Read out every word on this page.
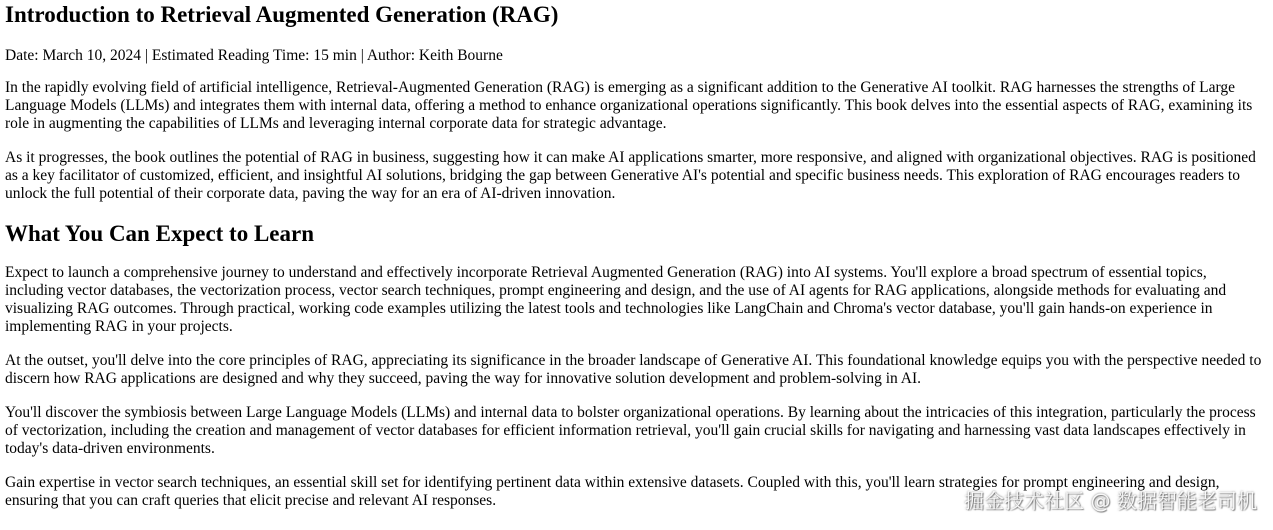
Introduction to Retrieval Augmented Generation (RAG)

Date: March 10, 2024 | Estimated Reading Time: 15 min | Author: Keith Bourne

In the rapidly evolving field of artificial intelligence, Retrieval-Augmented Generation (RAG) is emerging as a significant addition to the Generative AI toolkit. RAG harnesses the strengths of Large Language Models (LLMs) and integrates them with internal data, offering a method to enhance organizational operations significantly. This book delves into the essential aspects of RAG, examining its role in augmenting the capabilities of LLMs and leveraging internal corporate data for strategic advantage.

As it progresses, the book outlines the potential of RAG in business, suggesting how it can make AI applications smarter, more responsive, and aligned with organizational objectives. RAG is positioned as a key facilitator of customized, efficient, and insightful AI solutions, bridging the gap between Generative AI's potential and specific business needs. This exploration of RAG encourages readers to unlock the full potential of their corporate data, paving the way for an era of AI-driven innovation.

What You Can Expect to Learn

Expect to launch a comprehensive journey to understand and effectively incorporate Retrieval Augmented Generation (RAG) into AI systems. You'll explore a broad spectrum of essential topics, including vector databases, the vectorization process, vector search techniques, prompt engineering and design, and the use of AI agents for RAG applications, alongside methods for evaluating and visualizing RAG outcomes. Through practical, working code examples utilizing the latest tools and technologies like LangChain and Chroma's vector database, you'll gain hands-on experience in implementing RAG in your projects.

At the outset, you'll delve into the core principles of RAG, appreciating its significance in the broader landscape of Generative AI. This foundational knowledge equips you with the perspective needed to discern how RAG applications are designed and why they succeed, paving the way for innovative solution development and problem-solving in AI.

You'll discover the symbiosis between Large Language Models (LLMs) and internal data to bolster organizational operations. By learning about the intricacies of this integration, particularly the process of vectorization, including the creation and management of vector databases for efficient information retrieval, you'll gain crucial skills for navigating and harnessing vast data landscapes effectively in today's data-driven environments.

Gain expertise in vector search techniques, an essential skill set for identifying pertinent data within extensive datasets. Coupled with this, you'll learn strategies for prompt engineering and design, ensuring that you can craft queries that elicit precise and relevant AI responses.	掘金技术社区 @ 数据智能老司机
